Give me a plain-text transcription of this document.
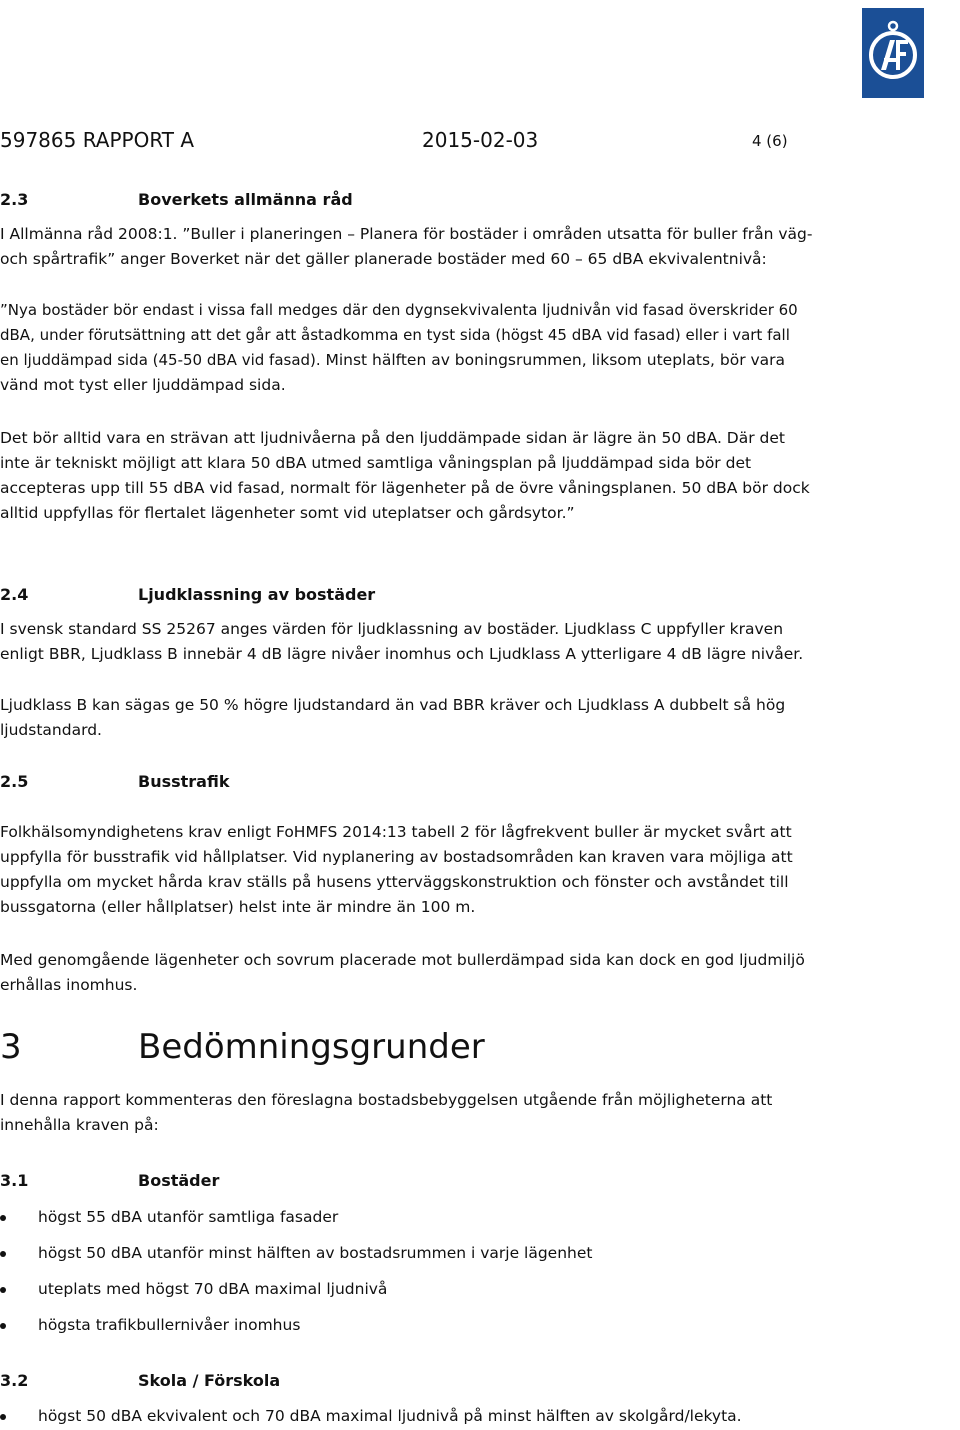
597865 RAPPORT A	2015-02-03	4 (6)
2.3	Boverkets allmänna råd

I Allmänna råd 2008:1. ”Buller i planeringen – Planera för bostäder i områden utsatta för buller från väg- och spårtrafik” anger Boverket när det gäller planerade bostäder med 60 – 65 dBA ekvivalentnivå:

”Nya bostäder bör endast i vissa fall medges där den dygnsekvivalenta ljudnivån vid fasad överskrider 60 dBA, under förutsättning att det går att åstadkomma en tyst sida (högst 45 dBA vid fasad) eller i vart fall en ljuddämpad sida (45-50 dBA vid fasad). Minst hälften av boningsrummen, liksom uteplats, bör vara vänd mot tyst eller ljuddämpad sida.

Det bör alltid vara en strävan att ljudnivåerna på den ljuddämpade sidan är lägre än 50 dBA. Där det inte är tekniskt möjligt att klara 50 dBA utmed samtliga våningsplan på ljuddämpad sida bör det accepteras upp till 55 dBA vid fasad, normalt för lägenheter på de övre våningsplanen. 50 dBA bör dock alltid uppfyllas för flertalet lägenheter somt vid uteplatser och gårdsytor.”

2.4	Ljudklassning av bostäder

I svensk standard SS 25267 anges värden för ljudklassning av bostäder. Ljudklass C uppfyller kraven enligt BBR, Ljudklass B innebär 4 dB lägre nivåer inomhus och Ljudklass A ytterligare 4 dB lägre nivåer.

Ljudklass B kan sägas ge 50 % högre ljudstandard än vad BBR kräver och Ljudklass A dubbelt så hög ljudstandard.

2.5	Busstrafik

Folkhälsomyndighetens krav enligt FoHMFS 2014:13 tabell 2 för lågfrekvent buller är mycket svårt att uppfylla för busstrafik vid hållplatser. Vid nyplanering av bostadsområden kan kraven vara möjliga att uppfylla om mycket hårda krav ställs på husens ytterväggskonstruktion och fönster och avståndet till bussgatorna (eller hållplatser) helst inte är mindre än 100 m.

Med genomgående lägenheter och sovrum placerade mot bullerdämpad sida kan dock en god ljudmiljö erhållas inomhus.

3	Bedömningsgrunder

I denna rapport kommenteras den föreslagna bostadsbebyggelsen utgående från möjligheterna att innehålla kraven på:

3.1	Bostäder
högst 55 dBA utanför samtliga fasader
högst 50 dBA utanför minst hälften av bostadsrummen i varje lägenhet
uteplats med högst 70 dBA maximal ljudnivå
högsta trafikbullernivåer inomhus
3.2	Skola / Förskola
högst 50 dBA ekvivalent och 70 dBA maximal ljudnivå på minst hälften av skolgård/lekyta.
